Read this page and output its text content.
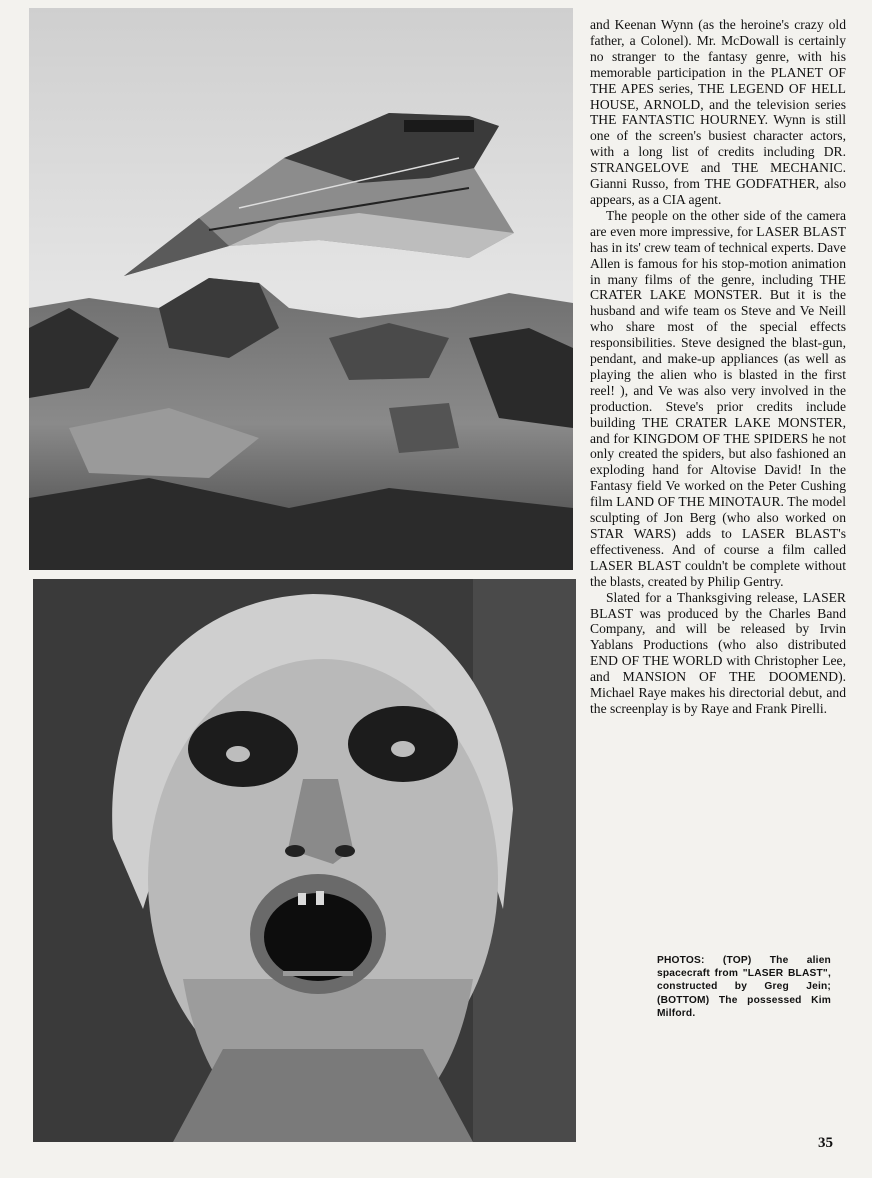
and Keenan Wynn (as the heroine's crazy old father, a Colonel). Mr. McDowall is certainly no stranger to the fantasy genre, with his memorable participation in the PLANET OF THE APES series, THE LEGEND OF HELL HOUSE, ARNOLD, and the television series THE FANTASTIC HOURNEY. Wynn is still one of the screen's busiest character actors, with a long list of credits including DR. STRANGELOVE and THE MECHANIC. Gianni Russo, from THE GODFATHER, also appears, as a CIA agent.

The people on the other side of the camera are even more impressive, for LASER BLAST has in its' crew team of technical experts. Dave Allen is famous for his stop-motion animation in many films of the genre, including THE CRATER LAKE MONSTER. But it is the husband and wife team os Steve and Ve Neill who share most of the special effects responsibilities. Steve designed the blast-gun, pendant, and make-up appliances (as well as playing the alien who is blasted in the first reel! ), and Ve was also very involved in the production. Steve's prior credits include building THE CRATER LAKE MONSTER, and for KINGDOM OF THE SPIDERS he not only created the spiders, but also fashioned an exploding hand for Altovise David! In the Fantasy field Ve worked on the Peter Cushing film LAND OF THE MINOTAUR. The model sculpting of Jon Berg (who also worked on STAR WARS) adds to LASER BLAST's effectiveness. And of course a film called LASER BLAST couldn't be complete without the blasts, created by Philip Gentry.

Slated for a Thanksgiving release, LASER BLAST was produced by the Charles Band Company, and will be released by Irvin Yablans Productions (who also distributed END OF THE WORLD with Christopher Lee, and MANSION OF THE DOOMEND). Michael Raye makes his directorial debut, and the screenplay is by Raye and Frank Pirelli.

PHOTOS: (TOP) The alien spacecraft from "LASER BLAST", constructed by Greg Jein; (BOTTOM) The possessed Kim Milford.

35
